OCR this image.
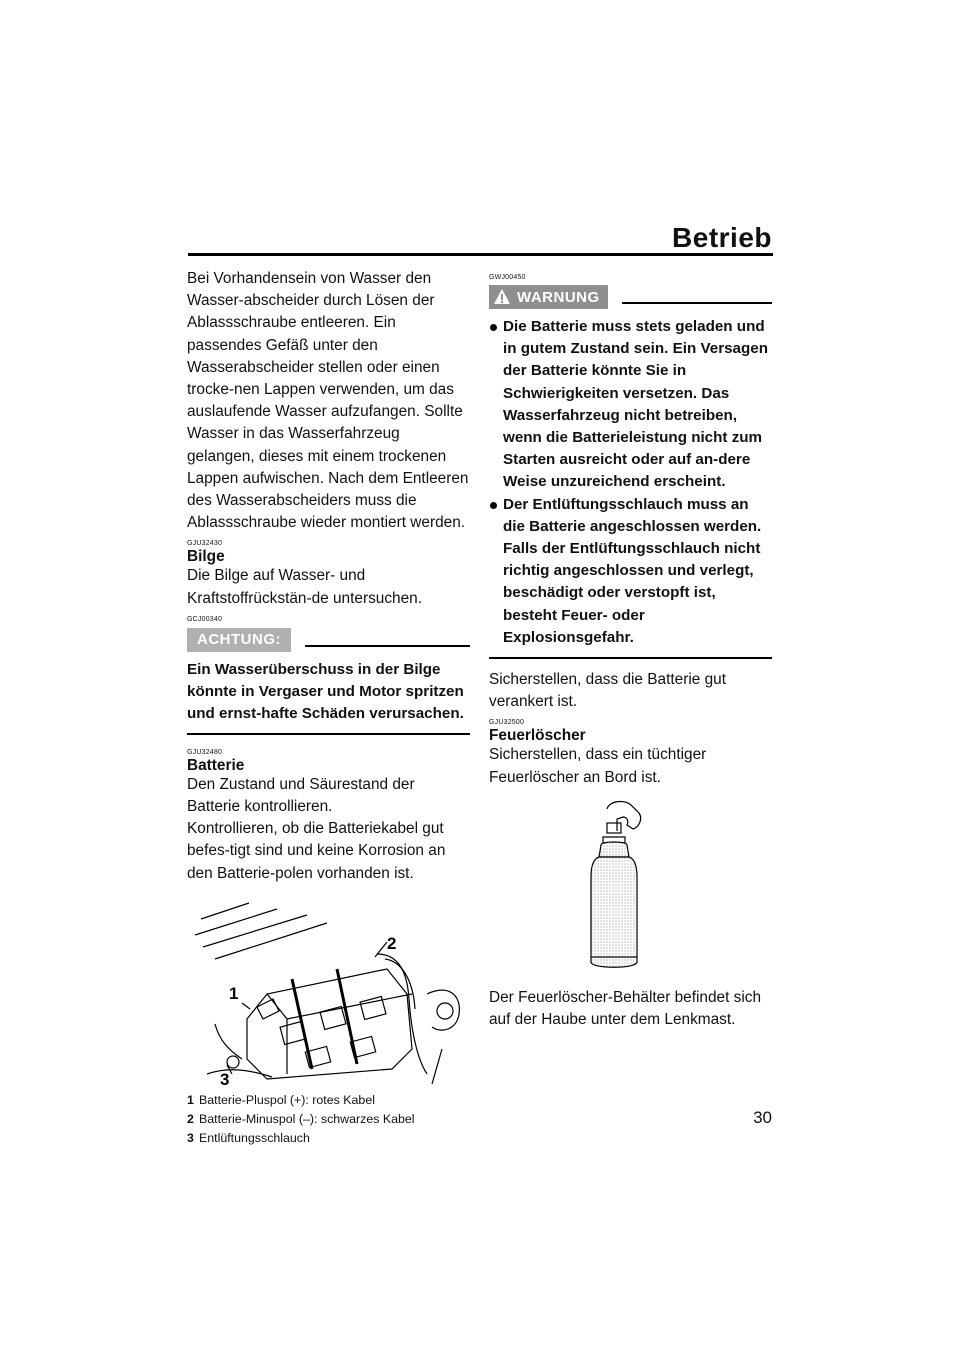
Betrieb

Bei Vorhandensein von Wasser den Wasser-abscheider durch Lösen der Ablassschraube entleeren. Ein passendes Gefäß unter den Wasserabscheider stellen oder einen trocke-nen Lappen verwenden, um das auslaufende Wasser aufzufangen. Sollte Wasser in das Wasserfahrzeug gelangen, dieses mit einem trockenen Lappen aufwischen. Nach dem Entleeren des Wasserabscheiders muss die Ablassschraube wieder montiert werden.

GJU32430
Bilge

Die Bilge auf Wasser- und Kraftstoffrückstän-de untersuchen.

GCJ00340
ACHTUNG:
Ein Wasserüberschuss in der Bilge könnte in Vergaser und Motor spritzen und ernst-hafte Schäden verursachen.
GJU32480
Batterie

Den Zustand und Säurestand der Batterie kontrollieren.

Kontrollieren, ob die Batteriekabel gut befes-tigt sind und keine Korrosion an den Batterie-polen vorhanden ist.

1
2
3
1 Batterie-Pluspol (+): rotes Kabel
2 Batterie-Minuspol (–): schwarzes Kabel
3 Entlüftungsschlauch
GWJ00450
WARNUNG
Die Batterie muss stets geladen und in gutem Zustand sein. Ein Versagen der Batterie könnte Sie in Schwierigkeiten versetzen. Das Wasserfahrzeug nicht betreiben, wenn die Batterieleistung nicht zum Starten ausreicht oder auf an-dere Weise unzureichend erscheint.
Der Entlüftungsschlauch muss an die Batterie angeschlossen werden. Falls der Entlüftungsschlauch nicht richtig angeschlossen und verlegt, beschädigt oder verstopft ist, besteht Feuer- oder Explosionsgefahr.

Sicherstellen, dass die Batterie gut verankert ist.

GJU32500
Feuerlöscher

Sicherstellen, dass ein tüchtiger Feuerlöscher an Bord ist.

Der Feuerlöscher-Behälter befindet sich auf der Haube unter dem Lenkmast.

30
